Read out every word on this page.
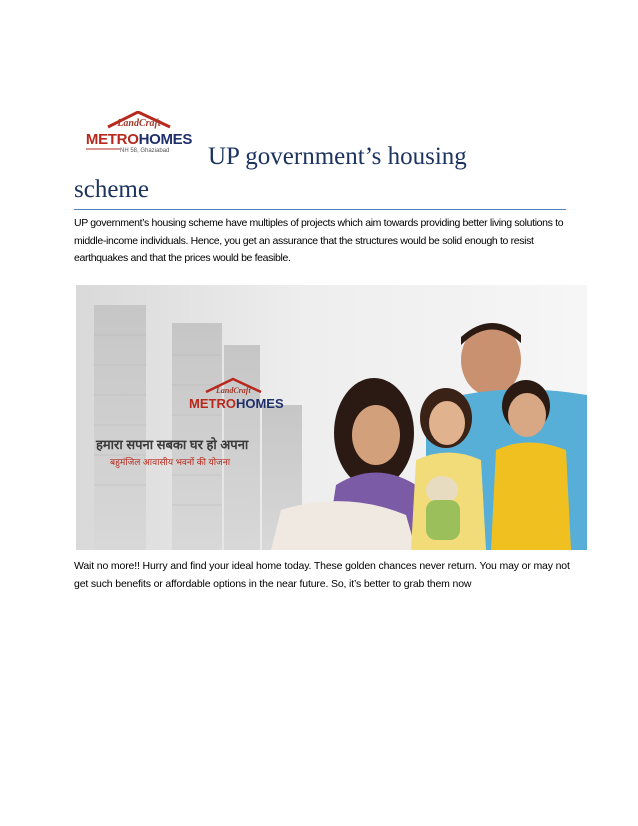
LandCraft
METROHOMES
NH 58, Ghaziabad	UP government’s housing
scheme
UP government’s housing scheme have multiples of projects which aim towards providing better living solutions to middle-income individuals. Hence, you get an assurance that the structures would be solid enough to resist earthquakes and that the prices would be feasible.
LandCraft
METROHOMES
हमारा सपना सबका घर हो अपना
बहुमंजिल आवासीय भवनों की योजना
Wait no more!! Hurry and find your ideal home today. These golden chances never return. You may or may not get such benefits or affordable options in the near future. So, it’s better to grab them now
